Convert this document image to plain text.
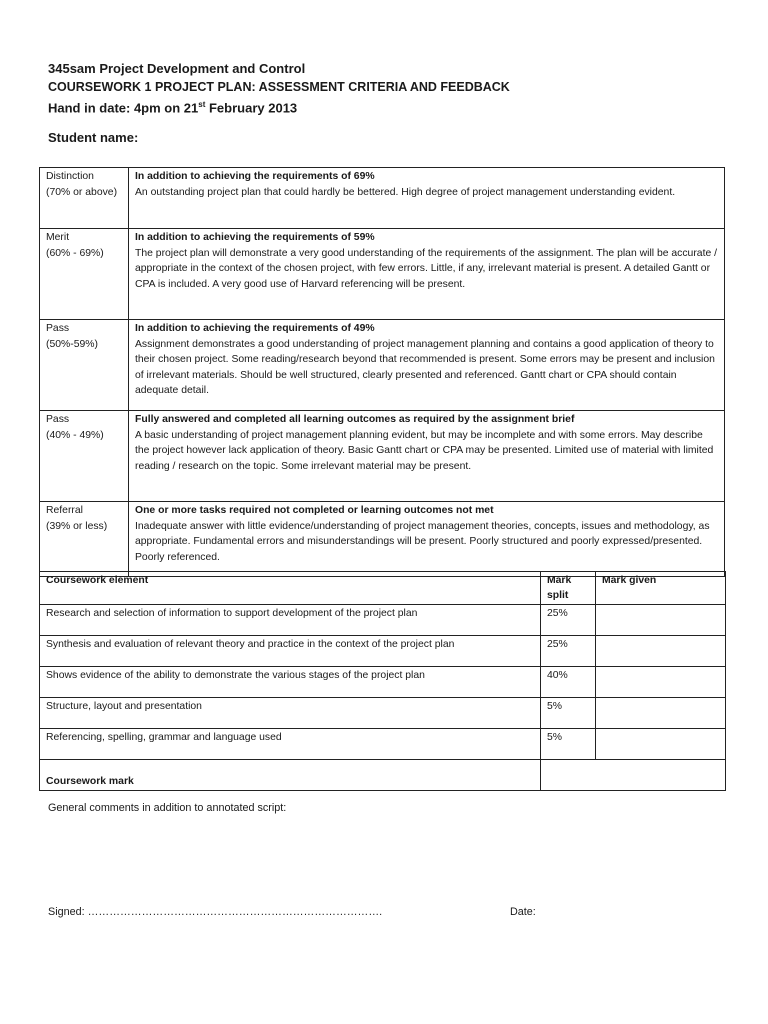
345sam Project Development and Control

COURSEWORK 1 PROJECT PLAN: ASSESSMENT CRITERIA AND FEEDBACK

Hand in date: 4pm on 21st February 2013

Student name:
Distinction
(70% or above)	In addition to achieving the requirements of 69%
An outstanding project plan that could hardly be bettered. High degree of project management understanding evident.

Merit
(60% - 69%)	In addition to achieving the requirements of 59%
The project plan will demonstrate a very good understanding of the requirements of the assignment. The plan will be accurate / appropriate in the context of the chosen project, with few errors. Little, if any, irrelevant material is present. A detailed Gantt or CPA is included. A very good use of Harvard referencing will be present.

Pass
(50%-59%)	In addition to achieving the requirements of 49%
Assignment demonstrates a good understanding of project management planning and contains a good application of theory to their chosen project. Some reading/research beyond that recommended is present. Some errors may be present and inclusion of irrelevant materials. Should be well structured, clearly presented and referenced. Gantt chart or CPA should contain adequate detail.

Pass
(40% - 49%)	Fully answered and completed all learning outcomes as required by the assignment brief
A basic understanding of project management planning evident, but may be incomplete and with some errors. May describe the project however lack application of theory. Basic Gantt chart or CPA may be presented. Limited use of material with limited reading / research on the topic. Some irrelevant material may be present.

Referral
(39% or less)	One or more tasks required not completed or learning outcomes not met
Inadequate answer with little evidence/understanding of project management theories, concepts, issues and methodology, as appropriate. Fundamental errors and misunderstandings will be present. Poorly structured and poorly expressed/presented. Poorly referenced.
Coursework element	Mark split	Mark given
Research and selection of information to support development of the project plan	25%	
Synthesis and evaluation of relevant theory and practice in the context of the project plan	25%	
Shows evidence of the ability to demonstrate the various stages of the project plan	40%	
Structure, layout and presentation	5%	
Referencing, spelling, grammar and language used	5%	
Coursework mark		
General comments in addition to annotated script:
Signed: ……………………………………………………………………….	Date:
